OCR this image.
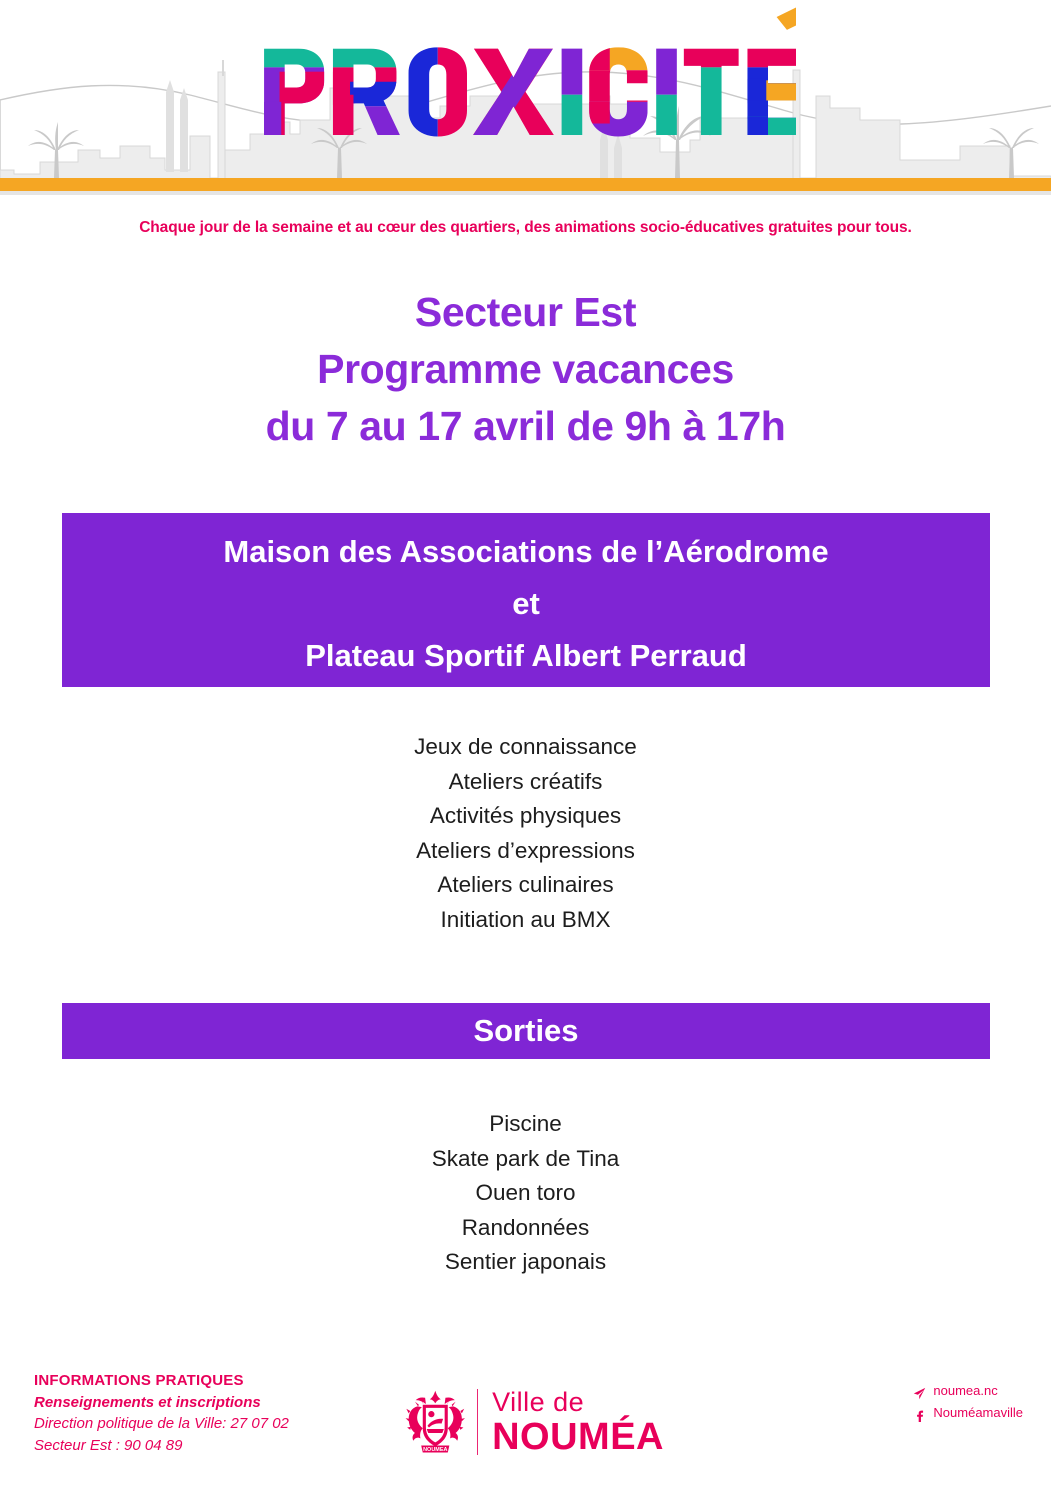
Chaque jour de la semaine et au cœur des quartiers, des animations socio-éducatives gratuites pour tous.
Secteur Est
Programme vacances
du 7 au 17 avril de 9h à 17h
Maison des Associations de l’Aérodrome
et
Plateau Sportif Albert Perraud
Jeux de connaissance
Ateliers créatifs
Activités physiques
Ateliers d’expressions
Ateliers culinaires
Initiation au BMX
Sorties
Piscine
Skate park de Tina
Ouen toro
Randonnées
Sentier japonais
INFORMATIONS PRATIQUES
Renseignements et inscriptions
Direction politique de la Ville: 27 07 02
Secteur Est : 90 04 89	NOUMEA
Ville de
NOUMÉA
noumea.nc
Nouméamaville
